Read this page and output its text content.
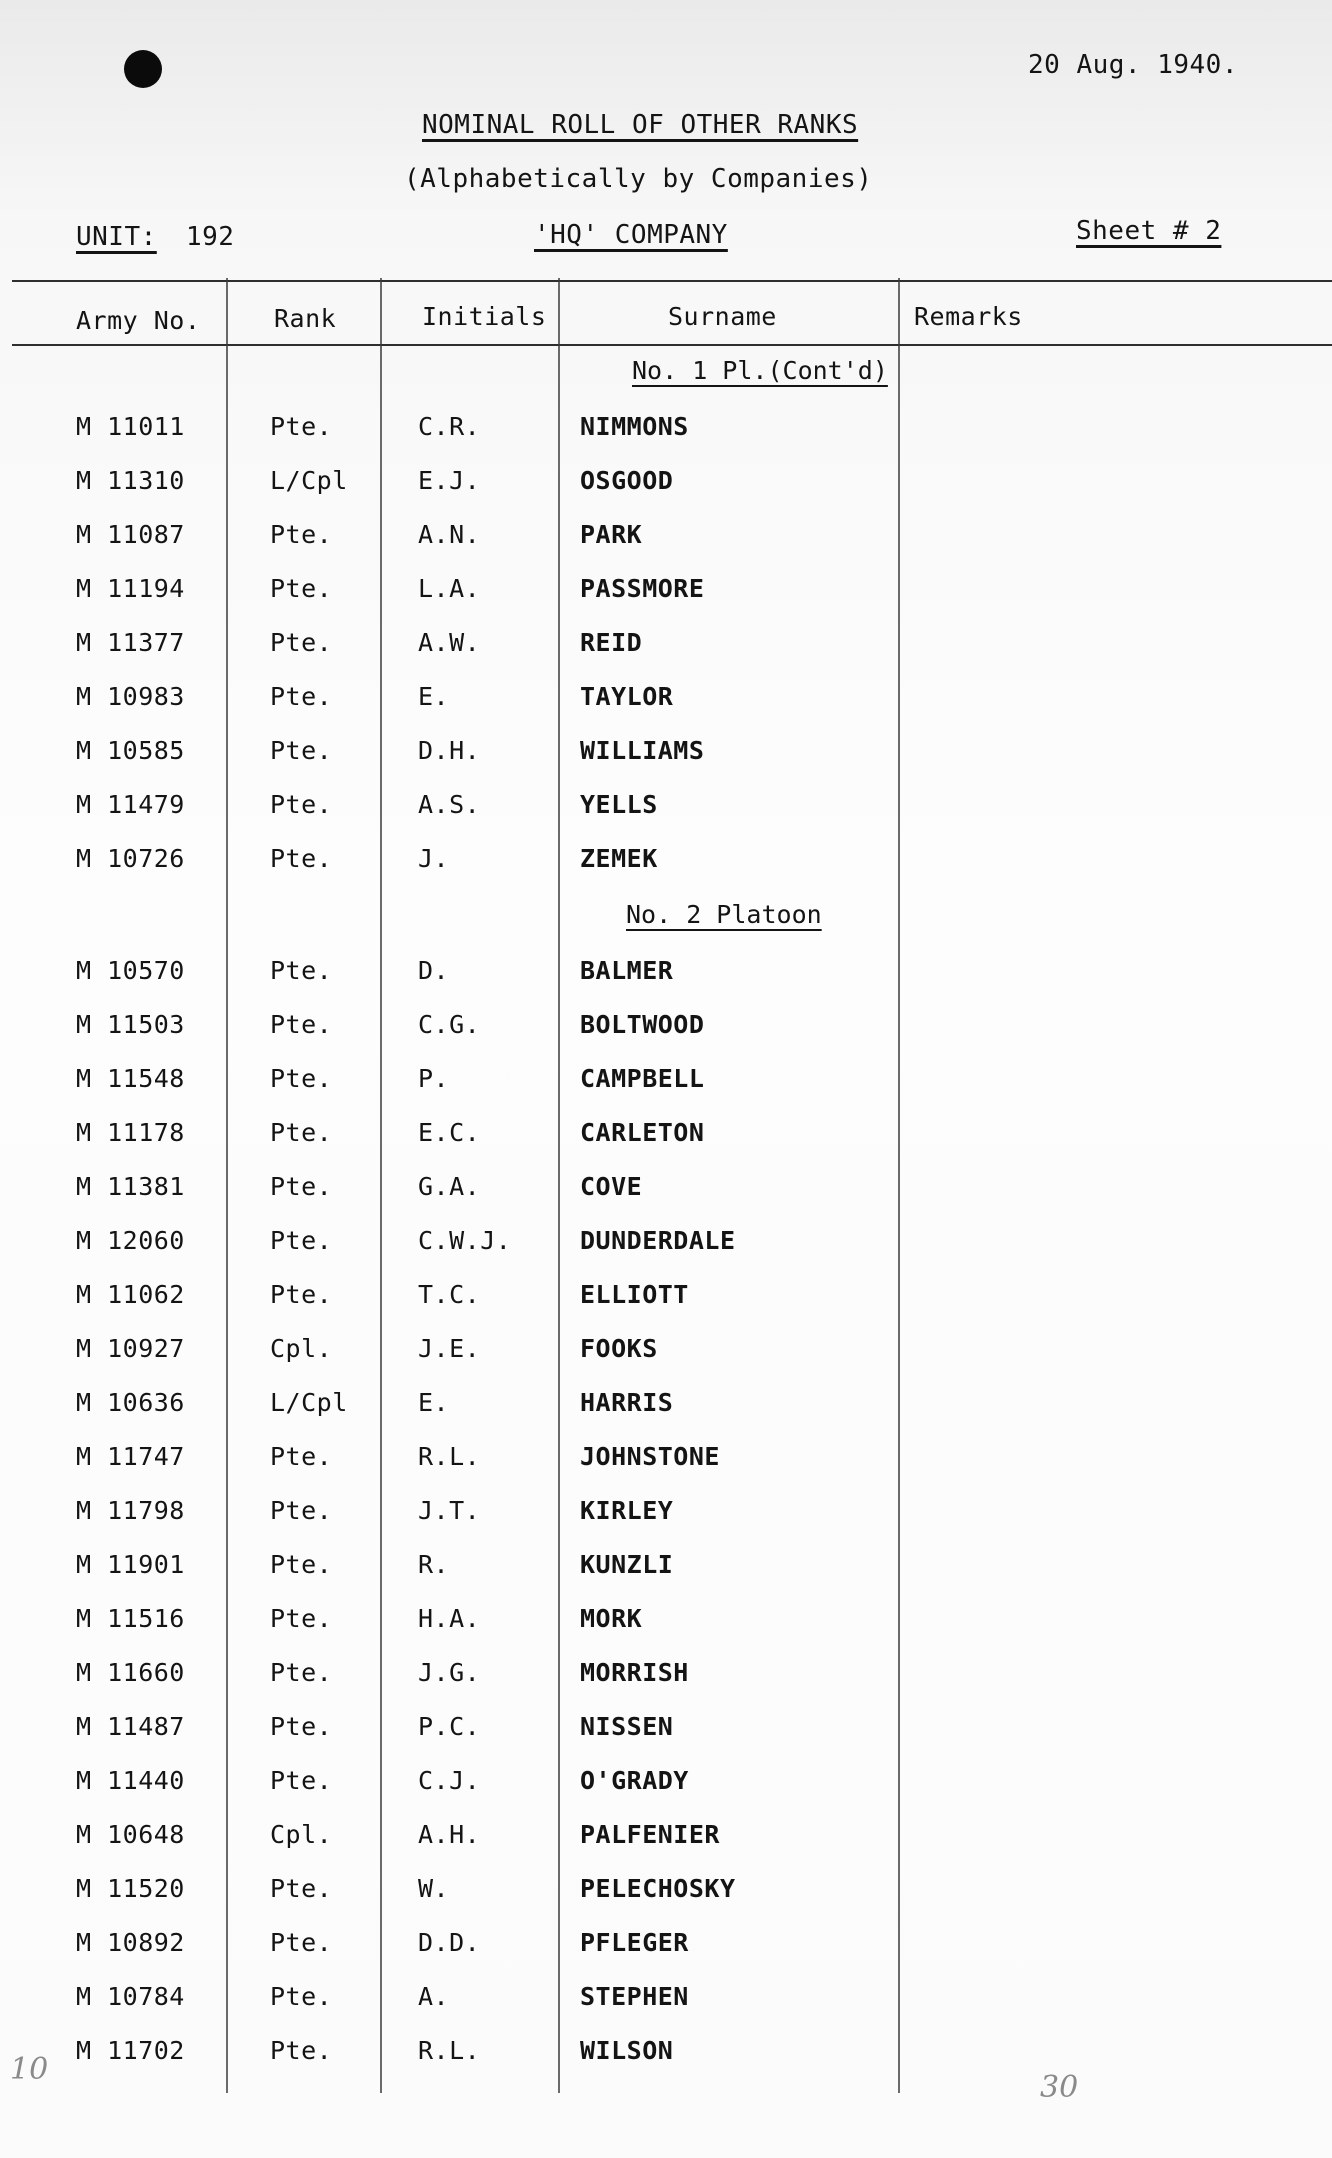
20 Aug. 1940.
NOMINAL ROLL OF OTHER RANKS
(Alphabetically by Companies)
UNIT: 192	'HQ' COMPANY	Sheet # 2
Army No.	Rank	Initials	Surname	Remarks
No. 1 Pl.(Cont'd)
M 11011	Pte.	C.R.	NIMMONS
M 11310	L/Cpl	E.J.	OSGOOD
M 11087	Pte.	A.N.	PARK
M 11194	Pte.	L.A.	PASSMORE
M 11377	Pte.	A.W.	REID
M 10983	Pte.	E.	TAYLOR
M 10585	Pte.	D.H.	WILLIAMS
M 11479	Pte.	A.S.	YELLS
M 10726	Pte.	J.	ZEMEK
No. 2 Platoon
M 10570	Pte.	D.	BALMER
M 11503	Pte.	C.G.	BOLTWOOD
M 11548	Pte.	P.	CAMPBELL
M 11178	Pte.	E.C.	CARLETON
M 11381	Pte.	G.A.	COVE
M 12060	Pte.	C.W.J.	DUNDERDALE
M 11062	Pte.	T.C.	ELLIOTT
M 10927	Cpl.	J.E.	FOOKS
M 10636	L/Cpl	E.	HARRIS
M 11747	Pte.	R.L.	JOHNSTONE
M 11798	Pte.	J.T.	KIRLEY
M 11901	Pte.	R.	KUNZLI
M 11516	Pte.	H.A.	MORK
M 11660	Pte.	J.G.	MORRISH
M 11487	Pte.	P.C.	NISSEN
M 11440	Pte.	C.J.	O'GRADY
M 10648	Cpl.	A.H.	PALFENIER
M 11520	Pte.	W.	PELECHOSKY
M 10892	Pte.	D.D.	PFLEGER
M 10784	Pte.	A.	STEPHEN
M 11702	Pte.	R.L.	WILSON
10
30
